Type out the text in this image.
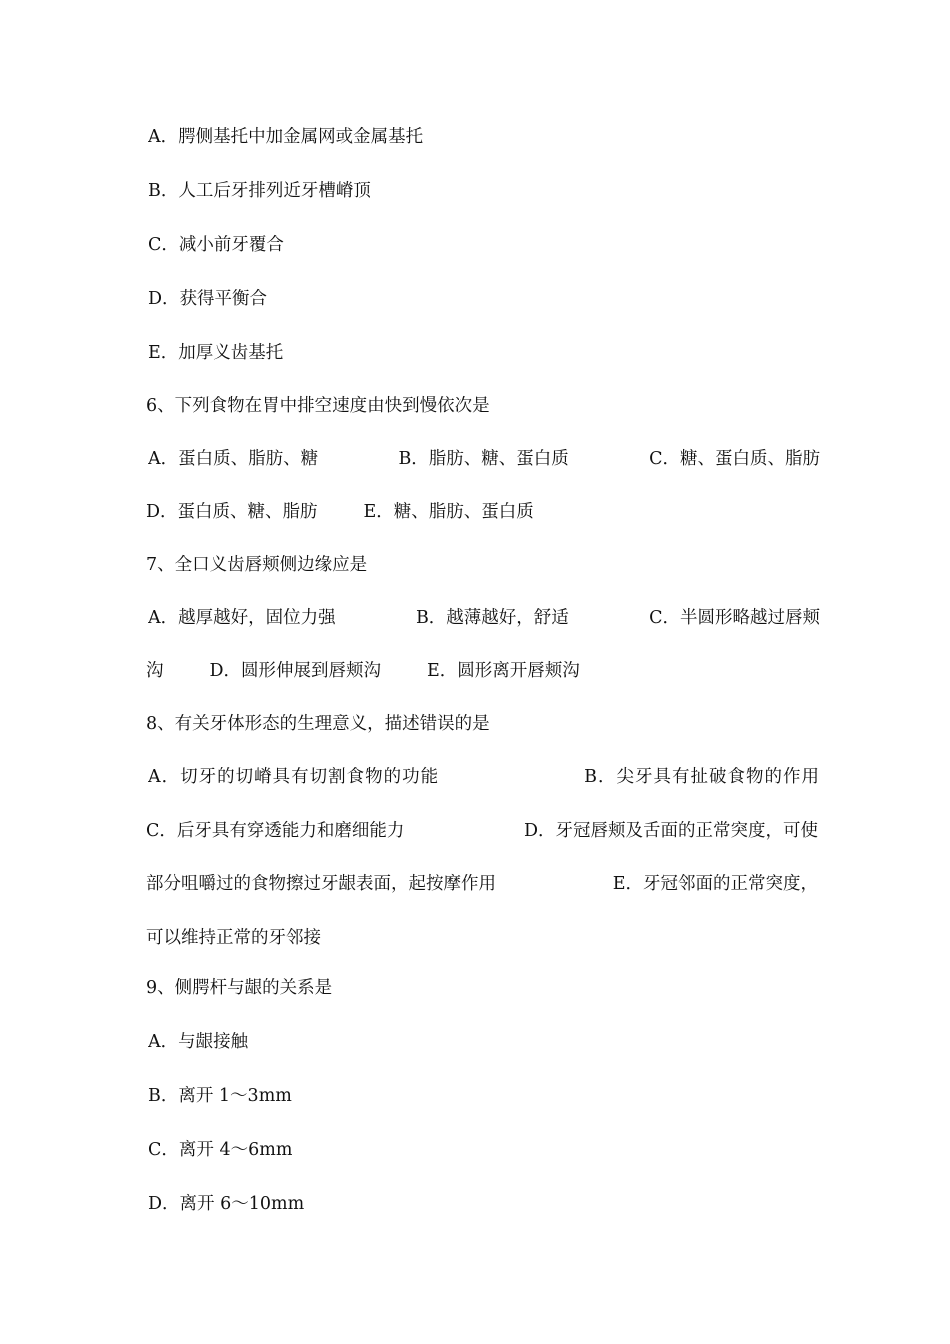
A．腭侧基托中加金属网或金属基托
B．人工后牙排列近牙槽嵴顶
C．减小前牙覆合
D．获得平衡合
E．加厚义齿基托
6、下列食物在胃中排空速度由快到慢依次是
A．蛋白质、脂肪、糖	B．脂肪、糖、蛋白质	C．糖、蛋白质、脂肪
D．蛋白质、糖、脂肪	E．糖、脂肪、蛋白质
7、全口义齿唇颊侧边缘应是
A．越厚越好，固位力强	B．越薄越好，舒适	C．半圆形略越过唇颊
沟	D．圆形伸展到唇颊沟	E．圆形离开唇颊沟
8、有关牙体形态的生理意义，描述错误的是
A．切牙的切嵴具有切割食物的功能	B．尖牙具有扯破食物的作用
C．后牙具有穿透能力和磨细能力	D．牙冠唇颊及舌面的正常突度，可使
部分咀嚼过的食物擦过牙龈表面，起按摩作用	E．牙冠邻面的正常突度，
可以维持正常的牙邻接
9、侧腭杆与龈的关系是
A．与龈接触
B．离开 1～3mm
C．离开 4～6mm
D．离开 6～10mm
